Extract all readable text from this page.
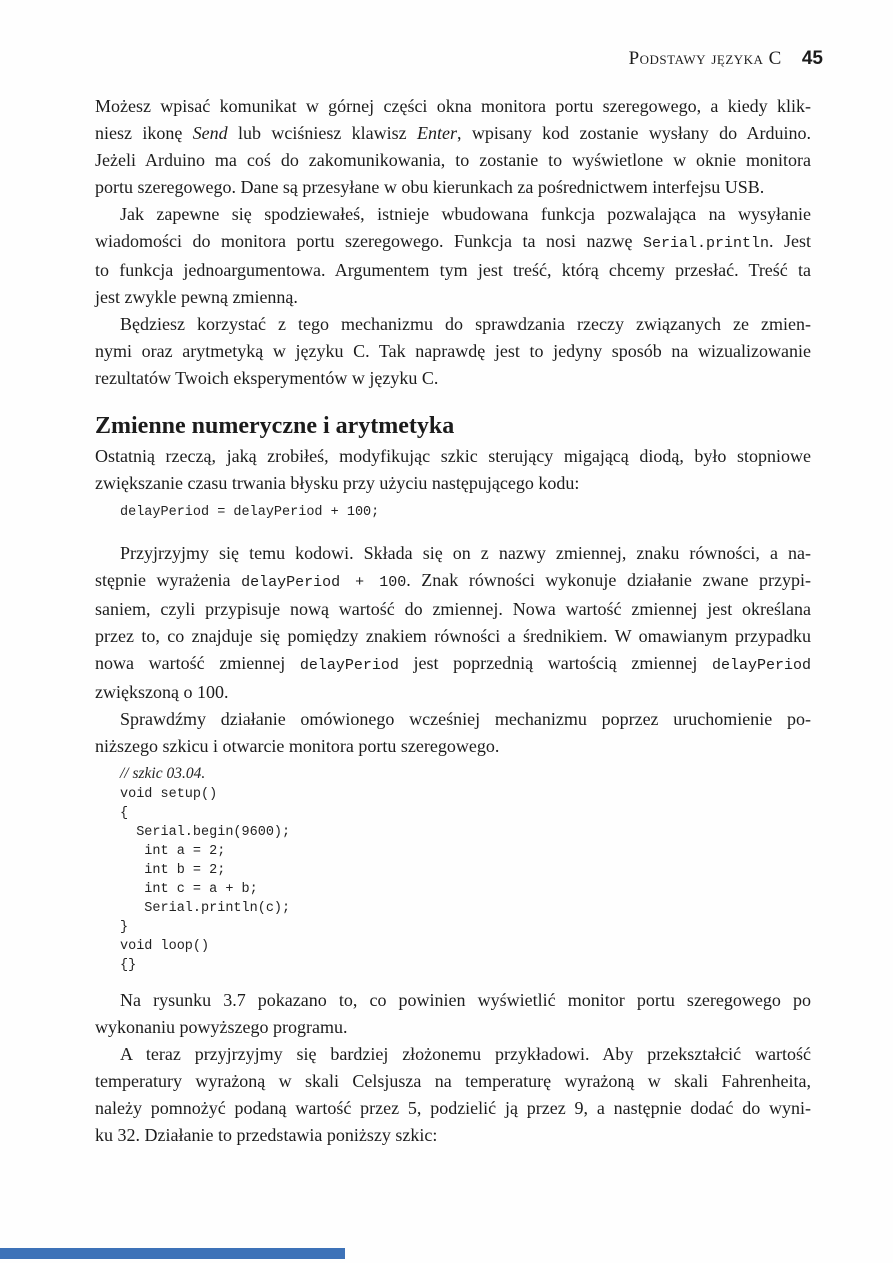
Podstawy języka C 45
Możesz wpisać komunikat w górnej części okna monitora portu szeregowego, a kiedy klik-
niesz ikonę Send lub wciśniesz klawisz Enter, wpisany kod zostanie wysłany do Arduino.
Jeżeli Arduino ma coś do zakomunikowania, to zostanie to wyświetlone w oknie monitora
portu szeregowego. Dane są przesyłane w obu kierunkach za pośrednictwem interfejsu USB.
Jak zapewne się spodziewałeś, istnieje wbudowana funkcja pozwalająca na wysyłanie
wiadomości do monitora portu szeregowego. Funkcja ta nosi nazwę Serial.println. Jest
to funkcja jednoargumentowa. Argumentem tym jest treść, którą chcemy przesłać. Treść ta
jest zwykle pewną zmienną.
Będziesz korzystać z tego mechanizmu do sprawdzania rzeczy związanych ze zmien-
nymi oraz arytmetyką w języku C. Tak naprawdę jest to jedyny sposób na wizualizowanie
rezultatów Twoich eksperymentów w języku C.
Zmienne numeryczne i arytmetyka
Ostatnią rzeczą, jaką zrobiłeś, modyfikując szkic sterujący migającą diodą, było stopniowe
zwiększanie czasu trwania błysku przy użyciu następującego kodu:
delayPeriod = delayPeriod + 100;
Przyjrzyjmy się temu kodowi. Składa się on z nazwy zmiennej, znaku równości, a na-
stępnie wyrażenia delayPeriod + 100. Znak równości wykonuje działanie zwane przypi-
saniem, czyli przypisuje nową wartość do zmiennej. Nowa wartość zmiennej jest określana
przez to, co znajduje się pomiędzy znakiem równości a średnikiem. W omawianym przypadku
nowa wartość zmiennej delayPeriod jest poprzednią wartością zmiennej delayPeriod
zwiększoną o 100.
Sprawdźmy działanie omówionego wcześniej mechanizmu poprzez uruchomienie po-
niższego szkicu i otwarcie monitora portu szeregowego.
// szkic 03.04.
void setup()
{
Serial.begin(9600);
int a = 2;
int b = 2;
int c = a + b;
Serial.println(c);
}
void loop()
{}
Na rysunku 3.7 pokazano to, co powinien wyświetlić monitor portu szeregowego po
wykonaniu powyższego programu.
A teraz przyjrzyjmy się bardziej złożonemu przykładowi. Aby przekształcić wartość
temperatury wyrażoną w skali Celsjusza na temperaturę wyrażoną w skali Fahrenheita,
należy pomnożyć podaną wartość przez 5, podzielić ją przez 9, a następnie dodać do wyni-
ku 32. Działanie to przedstawia poniższy szkic:
